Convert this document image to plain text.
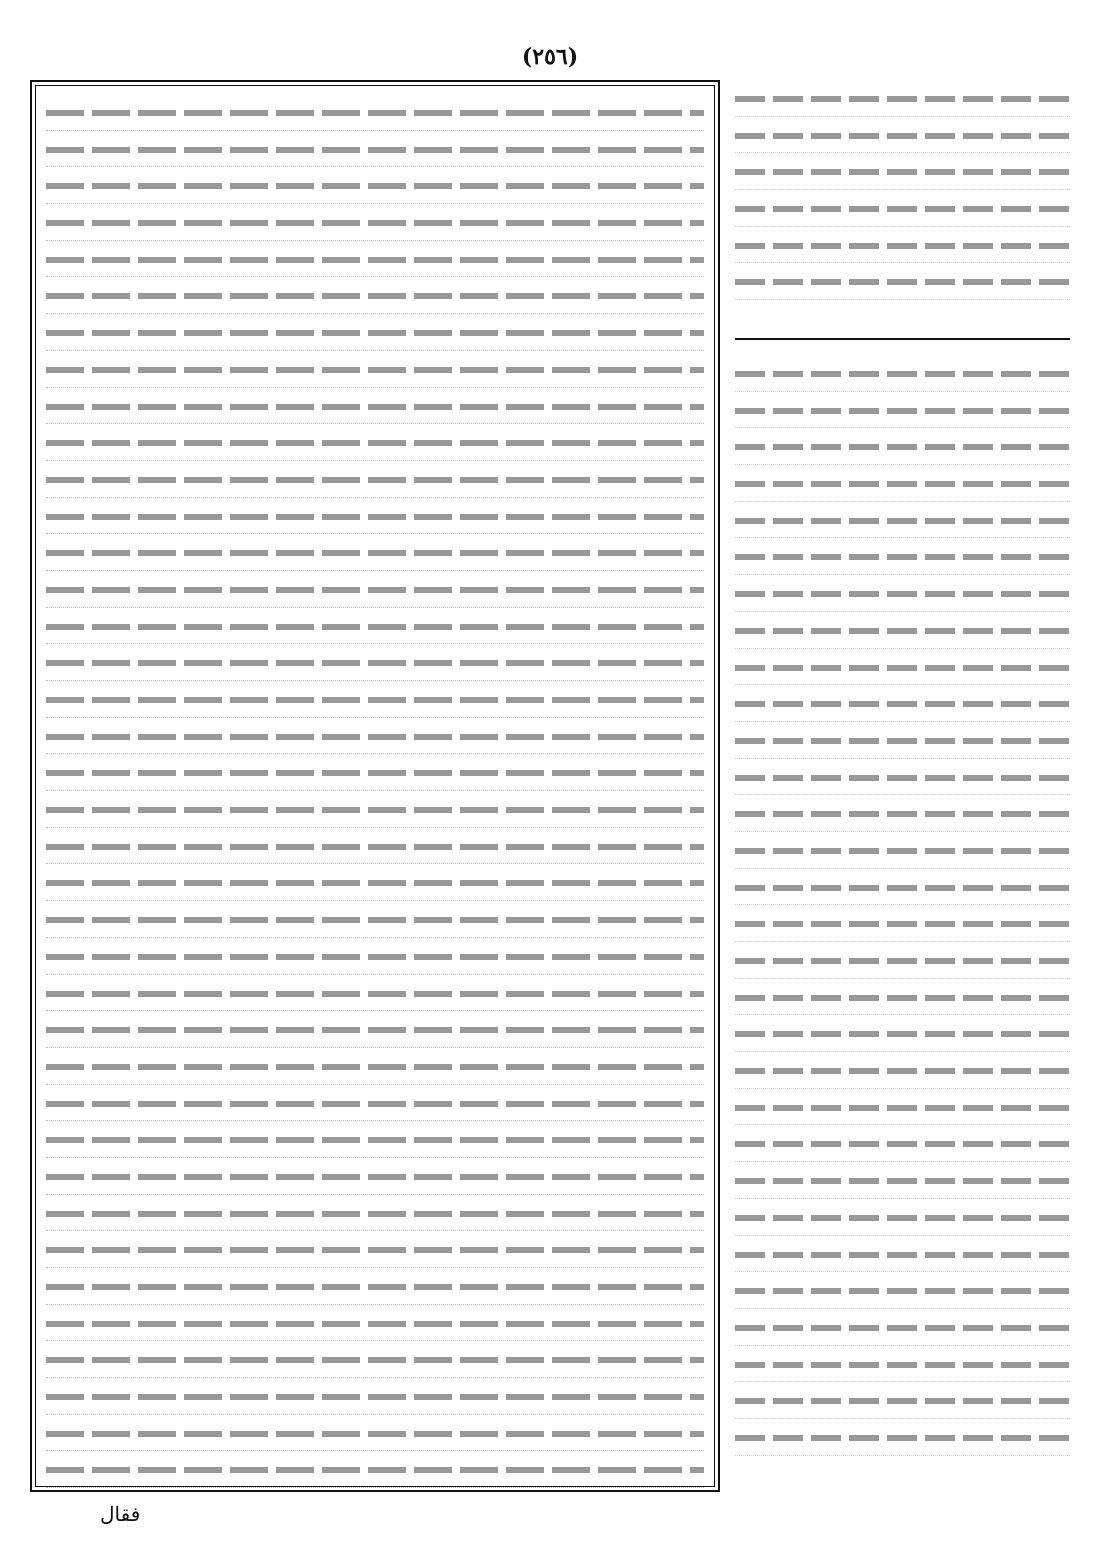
(٢٥٦)
فقال
